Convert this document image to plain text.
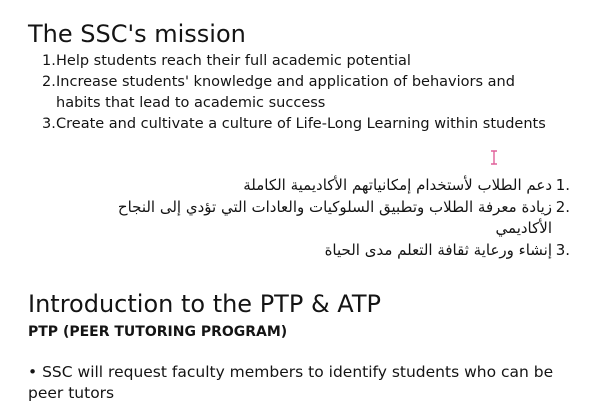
The SSC's mission
1. Help students reach their full academic potential
2. Increase students' knowledge and application of behaviors and habits that lead to academic success
3. Create and cultivate a culture of Life-Long Learning within students
1.
دعم الطلاب لأستخدام إمكانياتهم الأكاديمية الكاملة
2.
زيادة معرفة الطلاب وتطبيق السلوكيات والعادات التي تؤدي إلى النجاح الأكاديمي
3.
إنشاء ورعاية ثقافة التعلم مدى الحياة
Introduction to the PTP & ATP
PTP (PEER TUTORING PROGRAM)
• SSC will request faculty members to identify students who can be peer tutors
